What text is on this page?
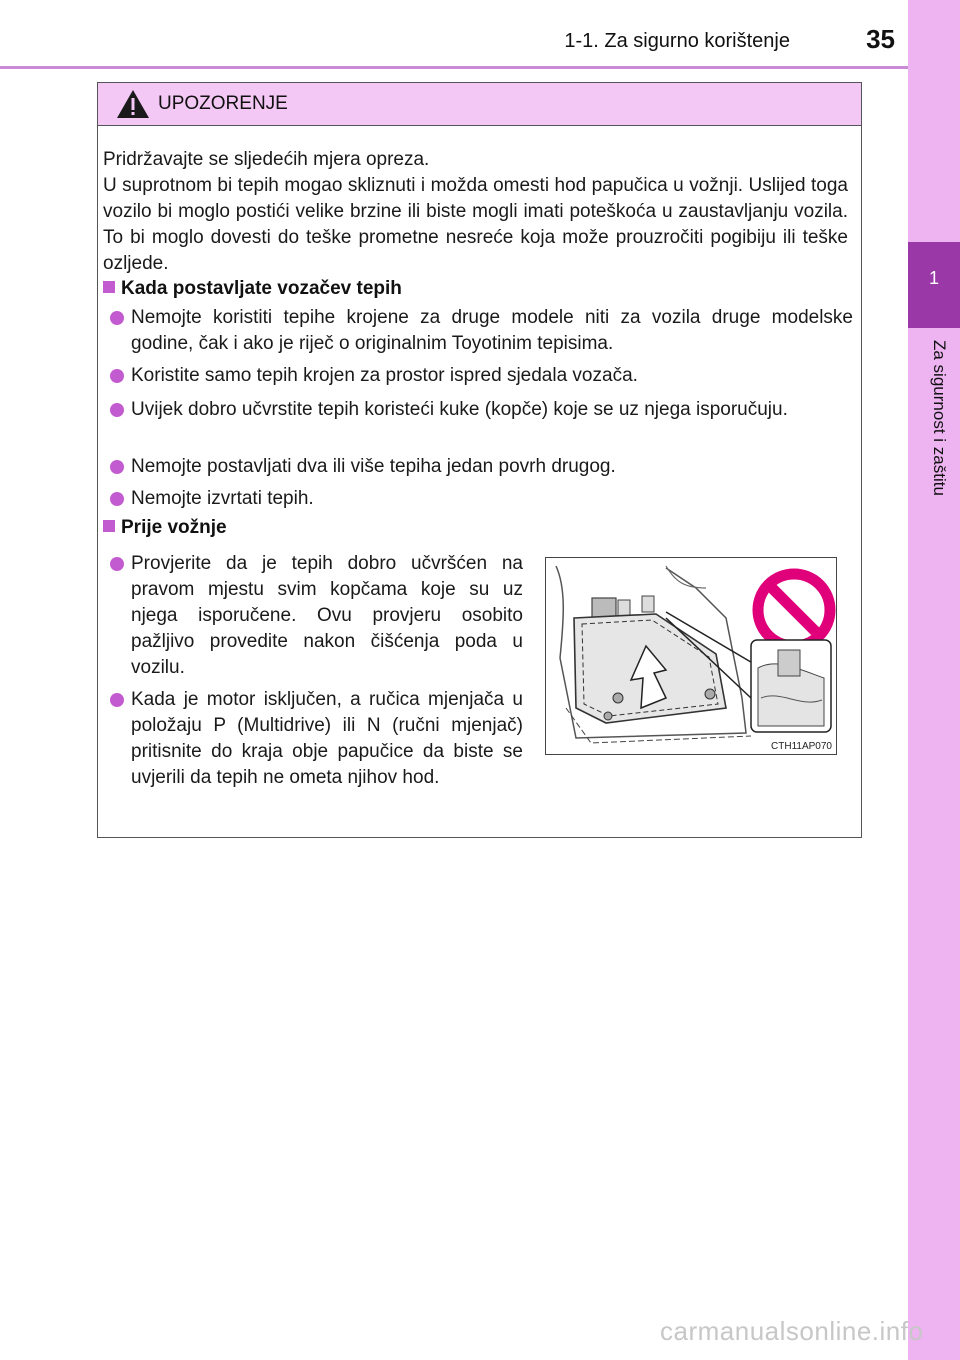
1-1. Za sigurno korištenje	35
1
Za sigurnost i zaštitu
UPOZORENJE
Pridržavajte se sljedećih mjera opreza.
U suprotnom bi tepih mogao skliznuti i možda omesti hod papučica u vožnji. Uslijed toga vozilo bi moglo postići velike brzine ili biste mogli imati poteškoća u zaustavljanju vozila. To bi moglo dovesti do teške prometne nesreće koja može prouzročiti pogibiju ili teške ozljede.
Kada postavljate vozačev tepih
Nemojte koristiti tepihe krojene za druge modele niti za vozila druge modelske godine, čak i ako je riječ o originalnim Toyotinim tepisima.
Koristite samo tepih krojen za prostor ispred sjedala vozača.
Uvijek dobro učvrstite tepih koristeći kuke (kopče) koje se uz njega isporučuju.
Nemojte postavljati dva ili više tepiha jedan povrh drugog.
Nemojte izvrtati tepih.
Prije vožnje
Provjerite da je tepih dobro učvršćen na pravom mjestu svim kopčama koje su uz njega isporučene. Ovu provjeru osobito pažljivo provedite nakon čišćenja poda u vozilu.
Kada je motor isključen, a ručica mjenjača u položaju P (Multidrive) ili N (ručni mjenjač) pritisnite do kraja obje papučice da biste se uvjerili da tepih ne ometa njihov hod.
CTH11AP070
carmanualsonline.info
